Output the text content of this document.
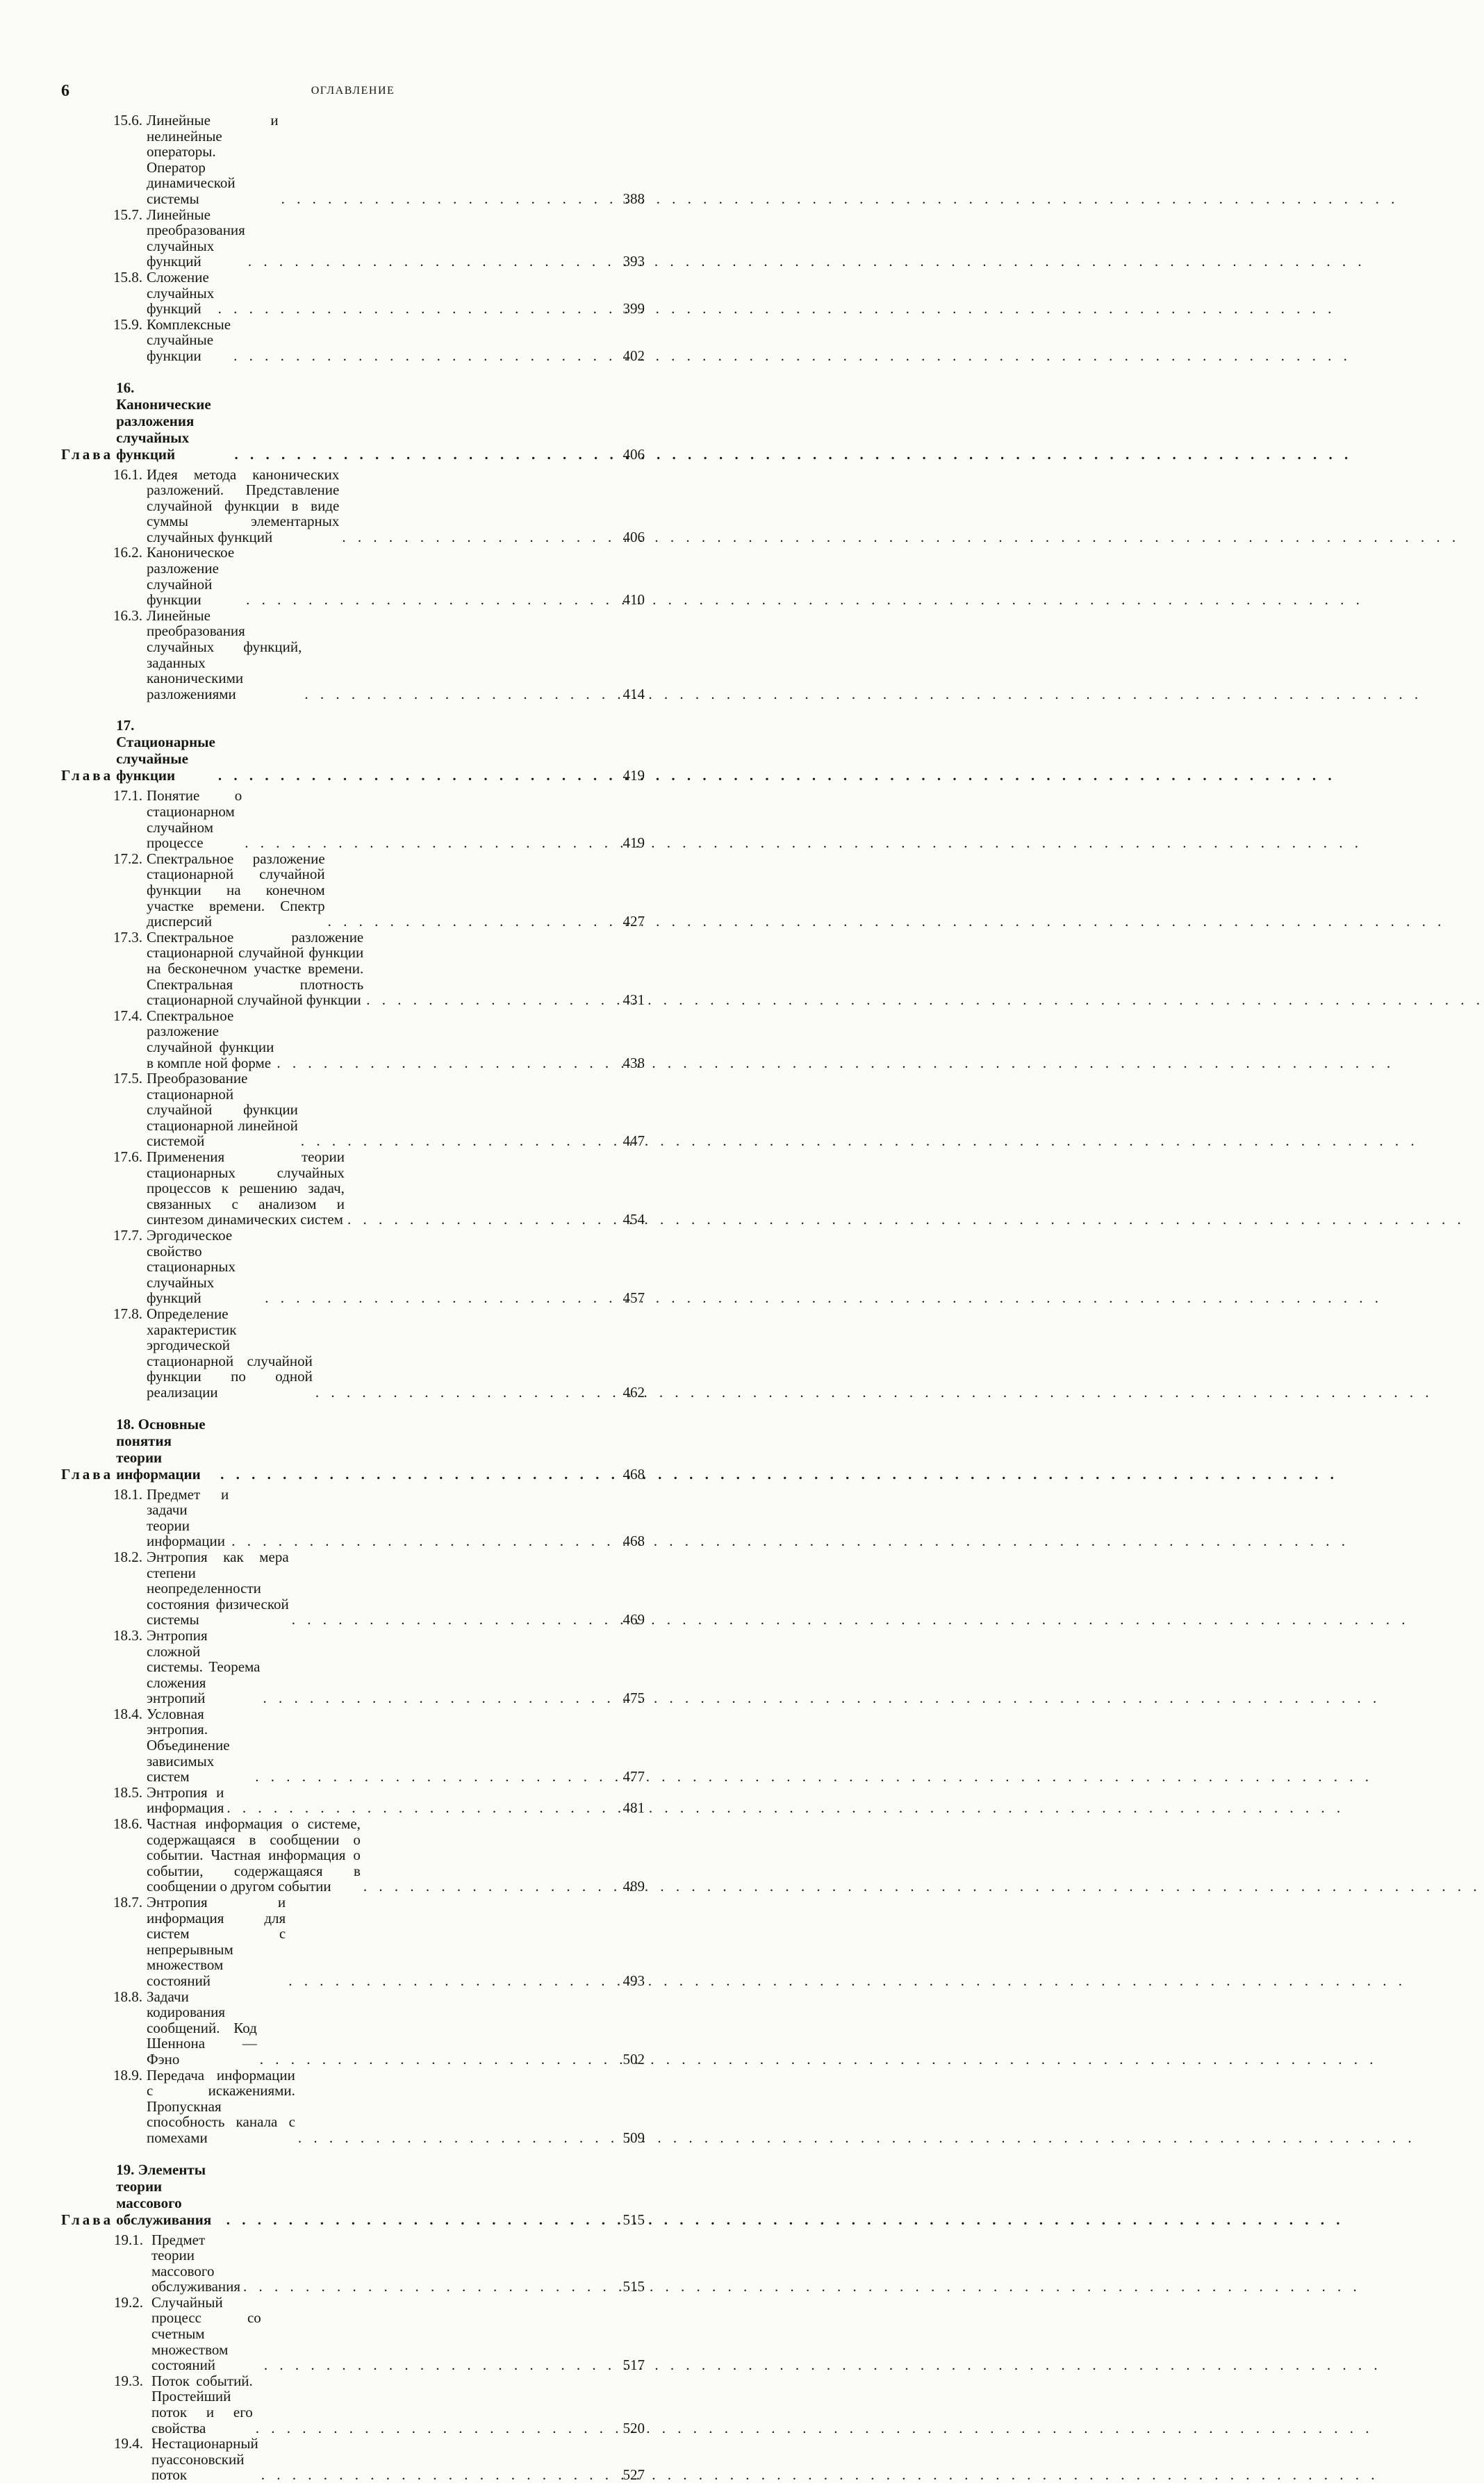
6	ОГЛАВЛЕНИЕ
15.6. Линейные и нелинейные операторы. Оператор динамической системы . . .	388
15.7. Линейные преобразования случайных функций . . .	393
15.8. Сложение случайных функций . . .	399
15.9. Комплексные случайные функции . . .	402
Глава
16. Канонические разложения случайных функций . . .	406
16.1. Идея метода канонических разложений. Представление случайной функции в виде суммы элементарных случайных функций . . .	406
16.2. Каноническое разложение случайной функции . . .	410
16.3. Линейные преобразования случайных функций, заданных каноническими разложениями . . .	414
Глава
17. Стационарные случайные функции . . .	419
17.1. Понятие о стационарном случайном процессе . . .	419
17.2. Спектральное разложение стационарной случайной функции на конечном участке времени. Спектр дисперсий . . .	427
17.3. Спектральное разложение стационарной случайной функции на бесконечном участке времени. Спектральная плотность стационарной случайной функции . . .	431
17.4. Спектральное разложение случайной функции в компле ной форме . . .	438
17.5. Преобразование стационарной случайной функции стационарной линейной системой . . .	447
17.6. Применения теории стационарных случайных процессов к решению задач, связанных с анализом и синтезом динамических систем . . .	454
17.7. Эргодическое свойство стационарных случайных функций . . .	457
17.8. Определение характеристик эргодической стационарной случайной функции по одной реализации . . .	462
Глава
18. Основные понятия теории информации . . .	468
18.1. Предмет и задачи теории информации . . .	468
18.2. Энтропия как мера степени неопределенности состояния физической системы . . .	469
18.3. Энтропия сложной системы. Теорема сложения энтропий . . .	475
18.4. Условная энтропия. Объединение зависимых систем . . .	477
18.5. Энтропия и информация . . .	481
18.6. Частная информация о системе, содержащаяся в сообщении о событии. Частная информация о событии, содержащаяся в сообщении о другом событии . . .	489
18.7. Энтропия и информация для систем с непрерывным множеством состояний . . .	493
18.8. Задачи кодирования сообщений. Код Шеннона — Фэно . . .	502
18.9. Передача информации с искажениями. Пропускная способность канала с помехами . . .	509
Глава
19. Элементы теории массового обслуживания . . .	515
19.1. Предмет теории массового обслуживания . . .	515
19.2. Случайный процесс со счетным множеством состояний . . .	517
19.3. Поток событий. Простейший поток и его свойства . . .	520
19.4. Нестационарный пуассоновский поток . . .	527
